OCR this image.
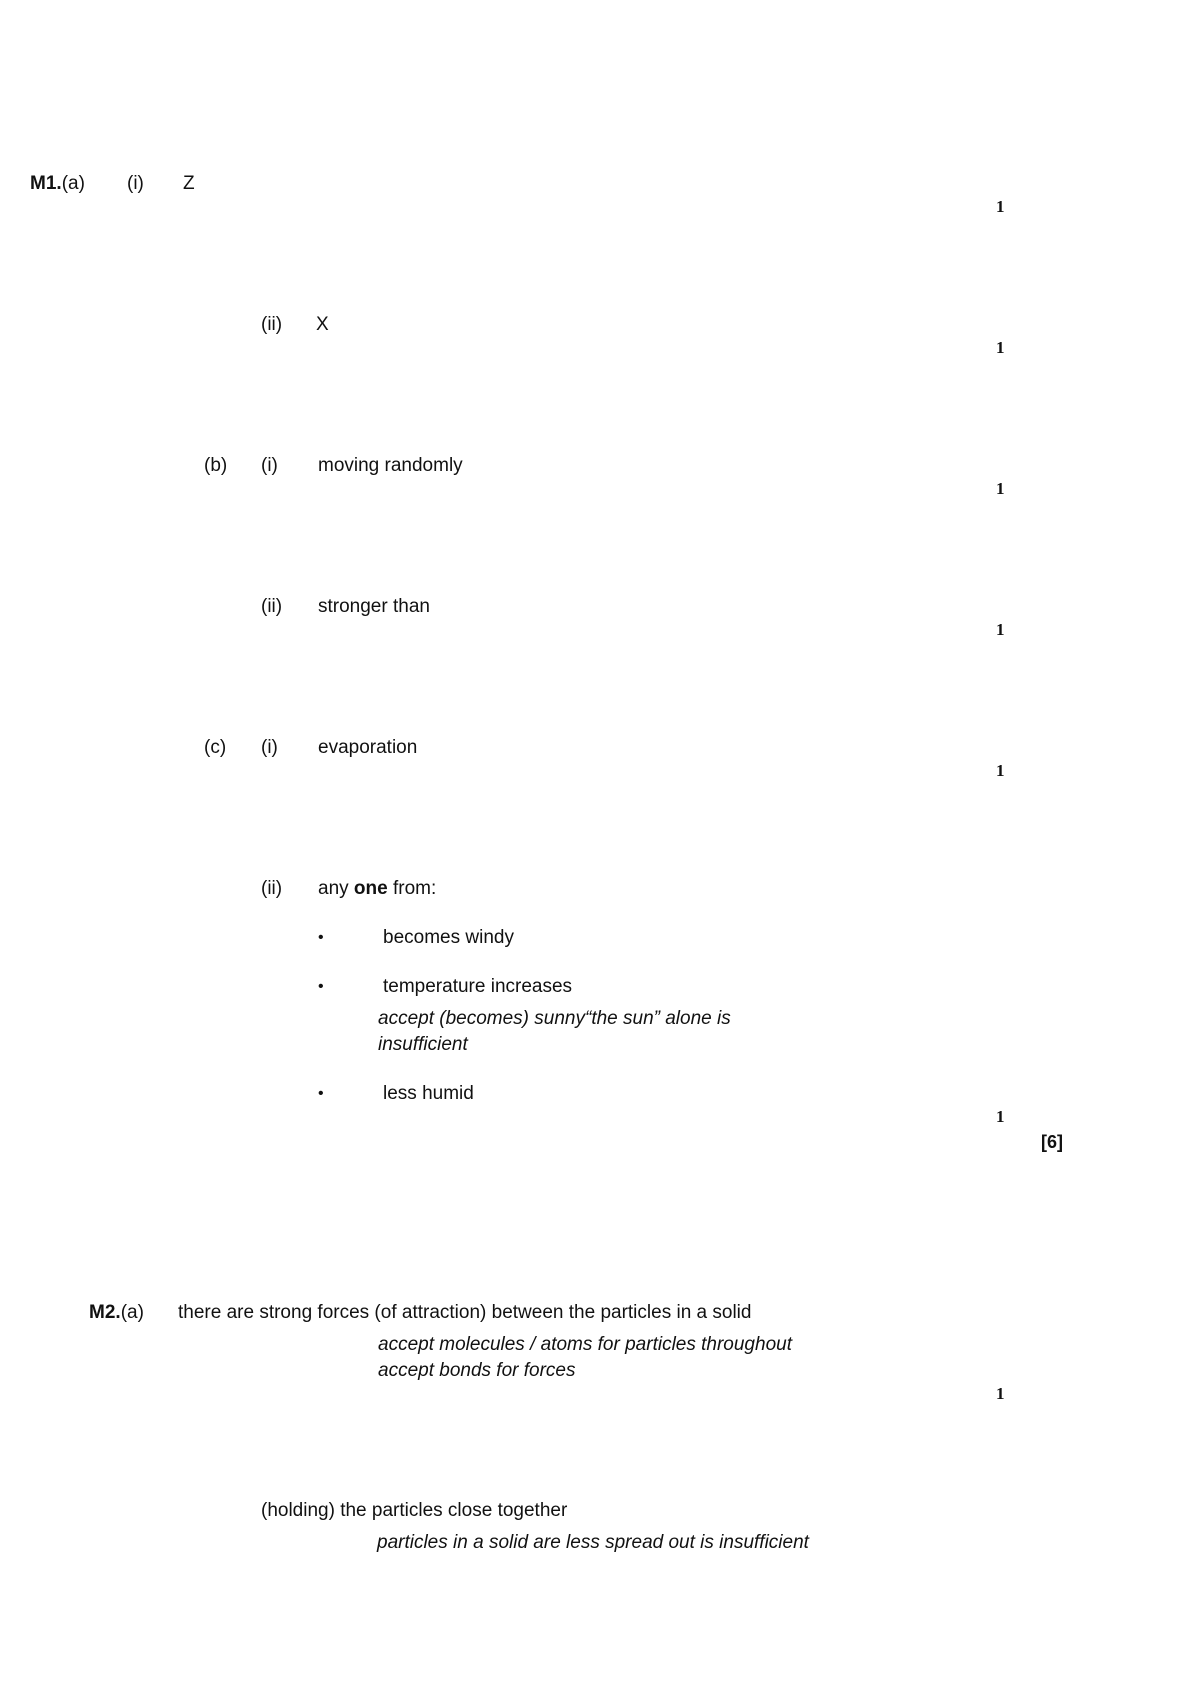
M1.(a) (i) Z
1
(ii) X
1
(b) (i) moving randomly
1
(ii) stronger than
1
(c) (i) evaporation
1
(ii) any one from:
•	becomes windy
•	temperature increases
accept (becomes) sunny“the sun” alone is
insufficient
•	less humid
1
[6]
M2.(a) there are strong forces (of attraction) between the particles in a solid
accept molecules / atoms for particles throughout
accept bonds for forces
1
(holding) the particles close together
particles in a solid are less spread out is insufficient
